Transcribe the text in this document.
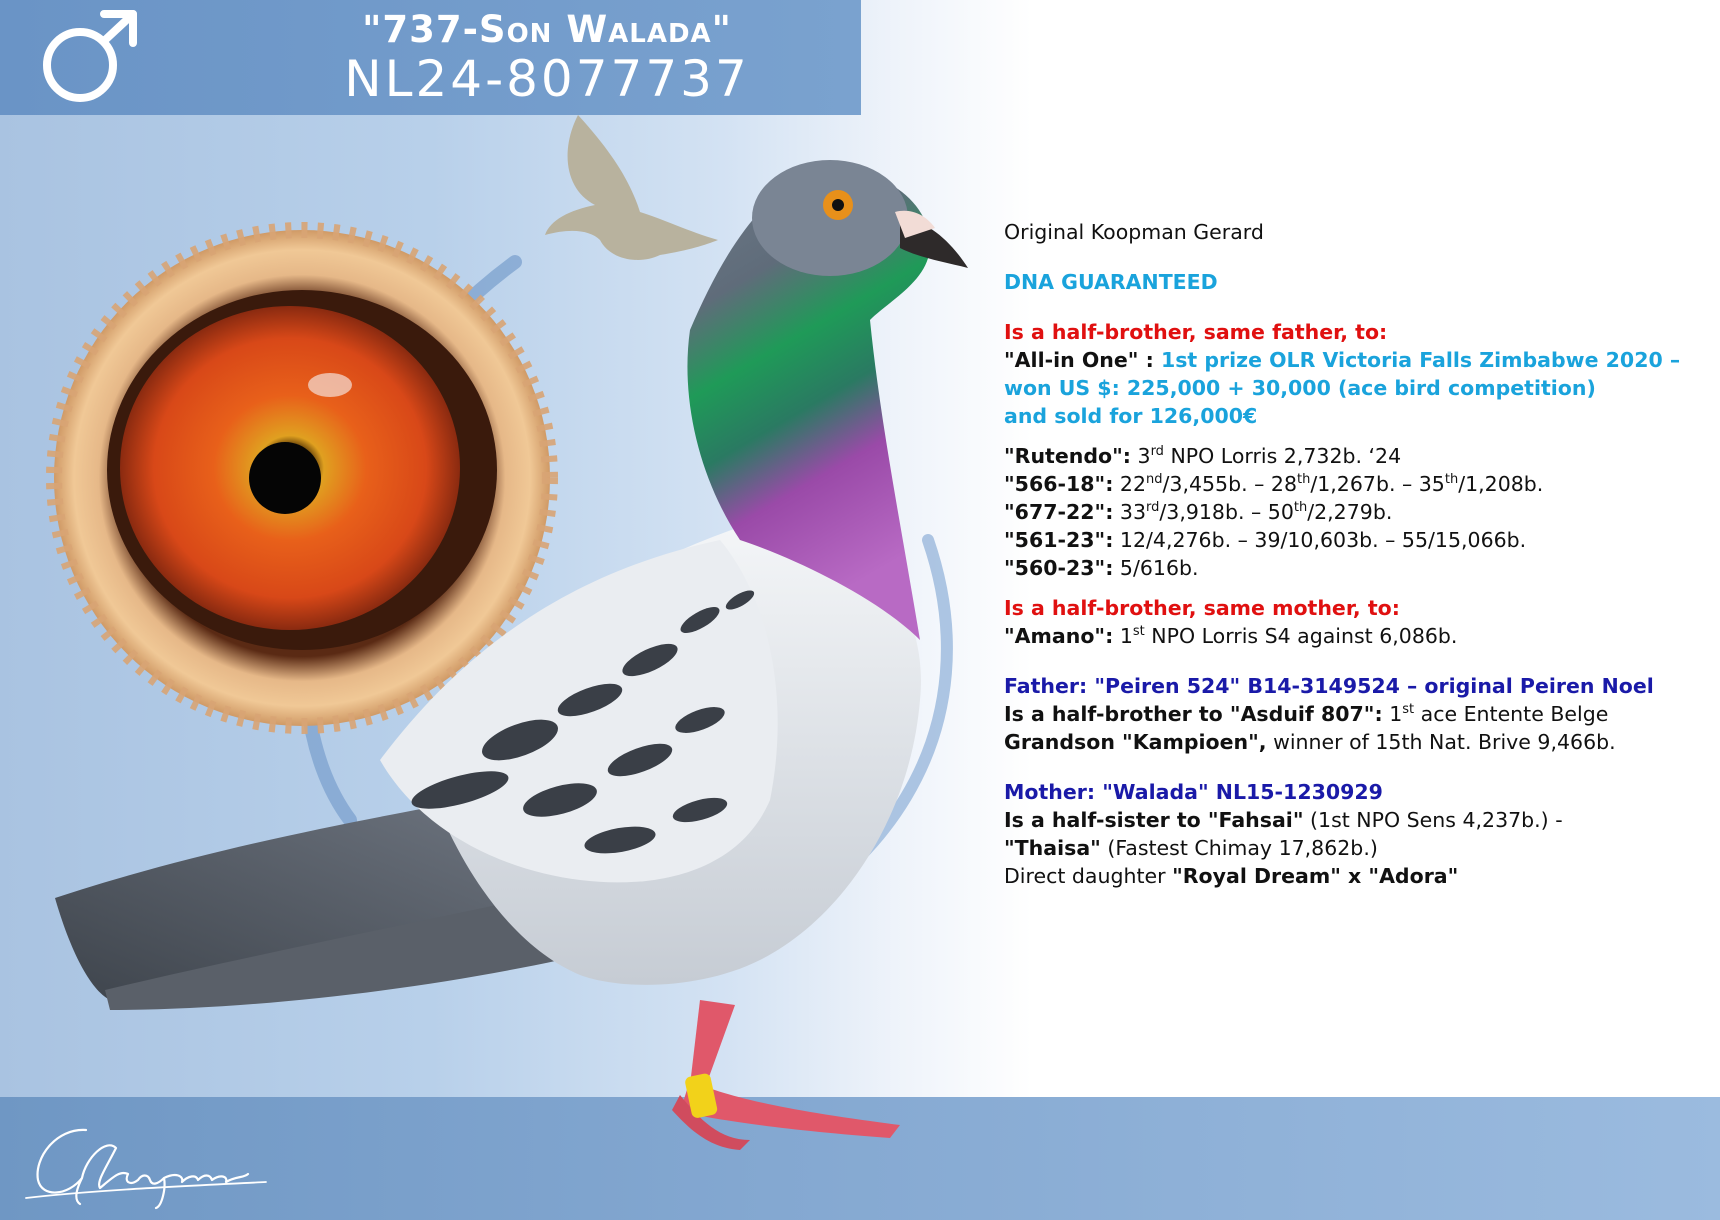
"737-Son Walada"
NL24-8077737
Original Koopman Gerard
DNA GUARANTEED
Is a half-brother, same father, to:
"All-in One" : 1st prize OLR Victoria Falls Zimbabwe 2020 –
won US $: 225,000 + 30,000 (ace bird competition)
and sold for 126,000€
"Rutendo": 3rd NPO Lorris 2,732b. ‘24
"566-18": 22nd/3,455b. – 28th/1,267b. – 35th/1,208b.
"677-22": 33rd/3,918b. – 50th/2,279b.
"561-23": 12/4,276b. – 39/10,603b. – 55/15,066b.
"560-23": 5/616b.
Is a half-brother, same mother, to:
"Amano": 1st NPO Lorris S4 against 6,086b.
Father: "Peiren 524" B14-3149524 – original Peiren Noel
Is a half-brother to "Asduif 807": 1st ace Entente Belge
Grandson "Kampioen", winner of 15th Nat. Brive 9,466b.
Mother: "Walada" NL15-1230929
Is a half-sister to "Fahsai" (1st NPO Sens 4,237b.) -
"Thaisa" (Fastest Chimay 17,862b.)
Direct daughter "Royal Dream" x "Adora"
